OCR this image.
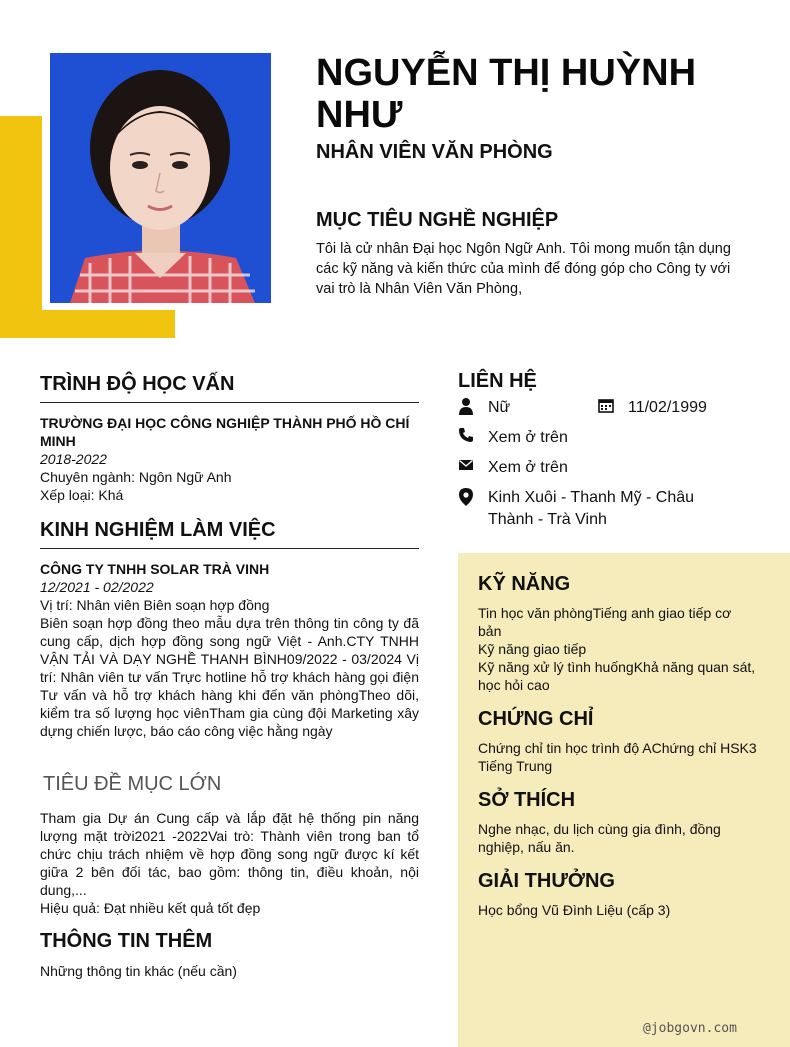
NGUYỄN THỊ HUỲNH NHƯ
NHÂN VIÊN VĂN PHÒNG
MỤC TIÊU NGHỀ NGHIỆP
Tôi là cử nhân Đại học Ngôn Ngữ Anh. Tôi mong muốn tận dụng các kỹ năng và kiến thức của mình để đóng góp cho Công ty với vai trò là Nhân Viên Văn Phòng,
TRÌNH ĐỘ HỌC VẤN
TRƯỜNG ĐẠI HỌC CÔNG NGHIỆP THÀNH PHỐ HỒ CHÍ MINH
2018-2022
Chuyên ngành: Ngôn Ngữ Anh
Xếp loại: Khá
KINH NGHIỆM LÀM VIỆC
CÔNG TY TNHH SOLAR TRÀ VINH
12/2021 - 02/2022
Vị trí: Nhân viên Biên soạn hợp đồng
Biên soạn hợp đồng theo mẫu dựa trên thông tin công ty đã cung cấp, dịch hợp đồng song ngữ Việt - Anh.CTY TNHH VẬN TẢI VÀ DẠY NGHỀ THANH BÌNH09/2022 - 03/2024 Vị trí: Nhân viên tư vấn Trực hotline hỗ trợ khách hàng gọi điện Tư vấn và hỗ trợ khách hàng khi đến văn phòngTheo dõi, kiểm tra số lượng học viênTham gia cùng đội Marketing xây dựng chiến lược, báo cáo công việc hằng ngày
TIÊU ĐỀ MỤC LỚN
Tham gia Dự án Cung cấp và lắp đặt hệ thống pin năng lượng mặt trời2021 -2022Vai trò: Thành viên trong ban tổ chức chịu trách nhiệm về hợp đồng song ngữ được kí kết giữa 2 bên đối tác, bao gồm: thông tin, điều khoản, nội dung,...
Hiệu quả: Đạt nhiều kết quả tốt đẹp
THÔNG TIN THÊM
Những thông tin khác (nếu cần)
LIÊN HỆ
Nữ	11/02/1999
Xem ở trên
Xem ở trên
Kinh Xuôi - Thanh Mỹ - Châu Thành - Trà Vinh
KỸ NĂNG
Tin học văn phòngTiếng anh giao tiếp cơ bản
Kỹ năng giao tiếp
Kỹ năng xử lý tình huốngKhả năng quan sát, học hỏi cao
CHỨNG CHỈ
Chứng chỉ tin học trình độ AChứng chỉ HSK3 Tiếng Trung
SỞ THÍCH
Nghe nhạc, du lịch cùng gia đình, đồng nghiệp, nấu ăn.
GIẢI THƯỞNG
Học bổng Vũ Đình Liệu (cấp 3)
@jobgovn.com
